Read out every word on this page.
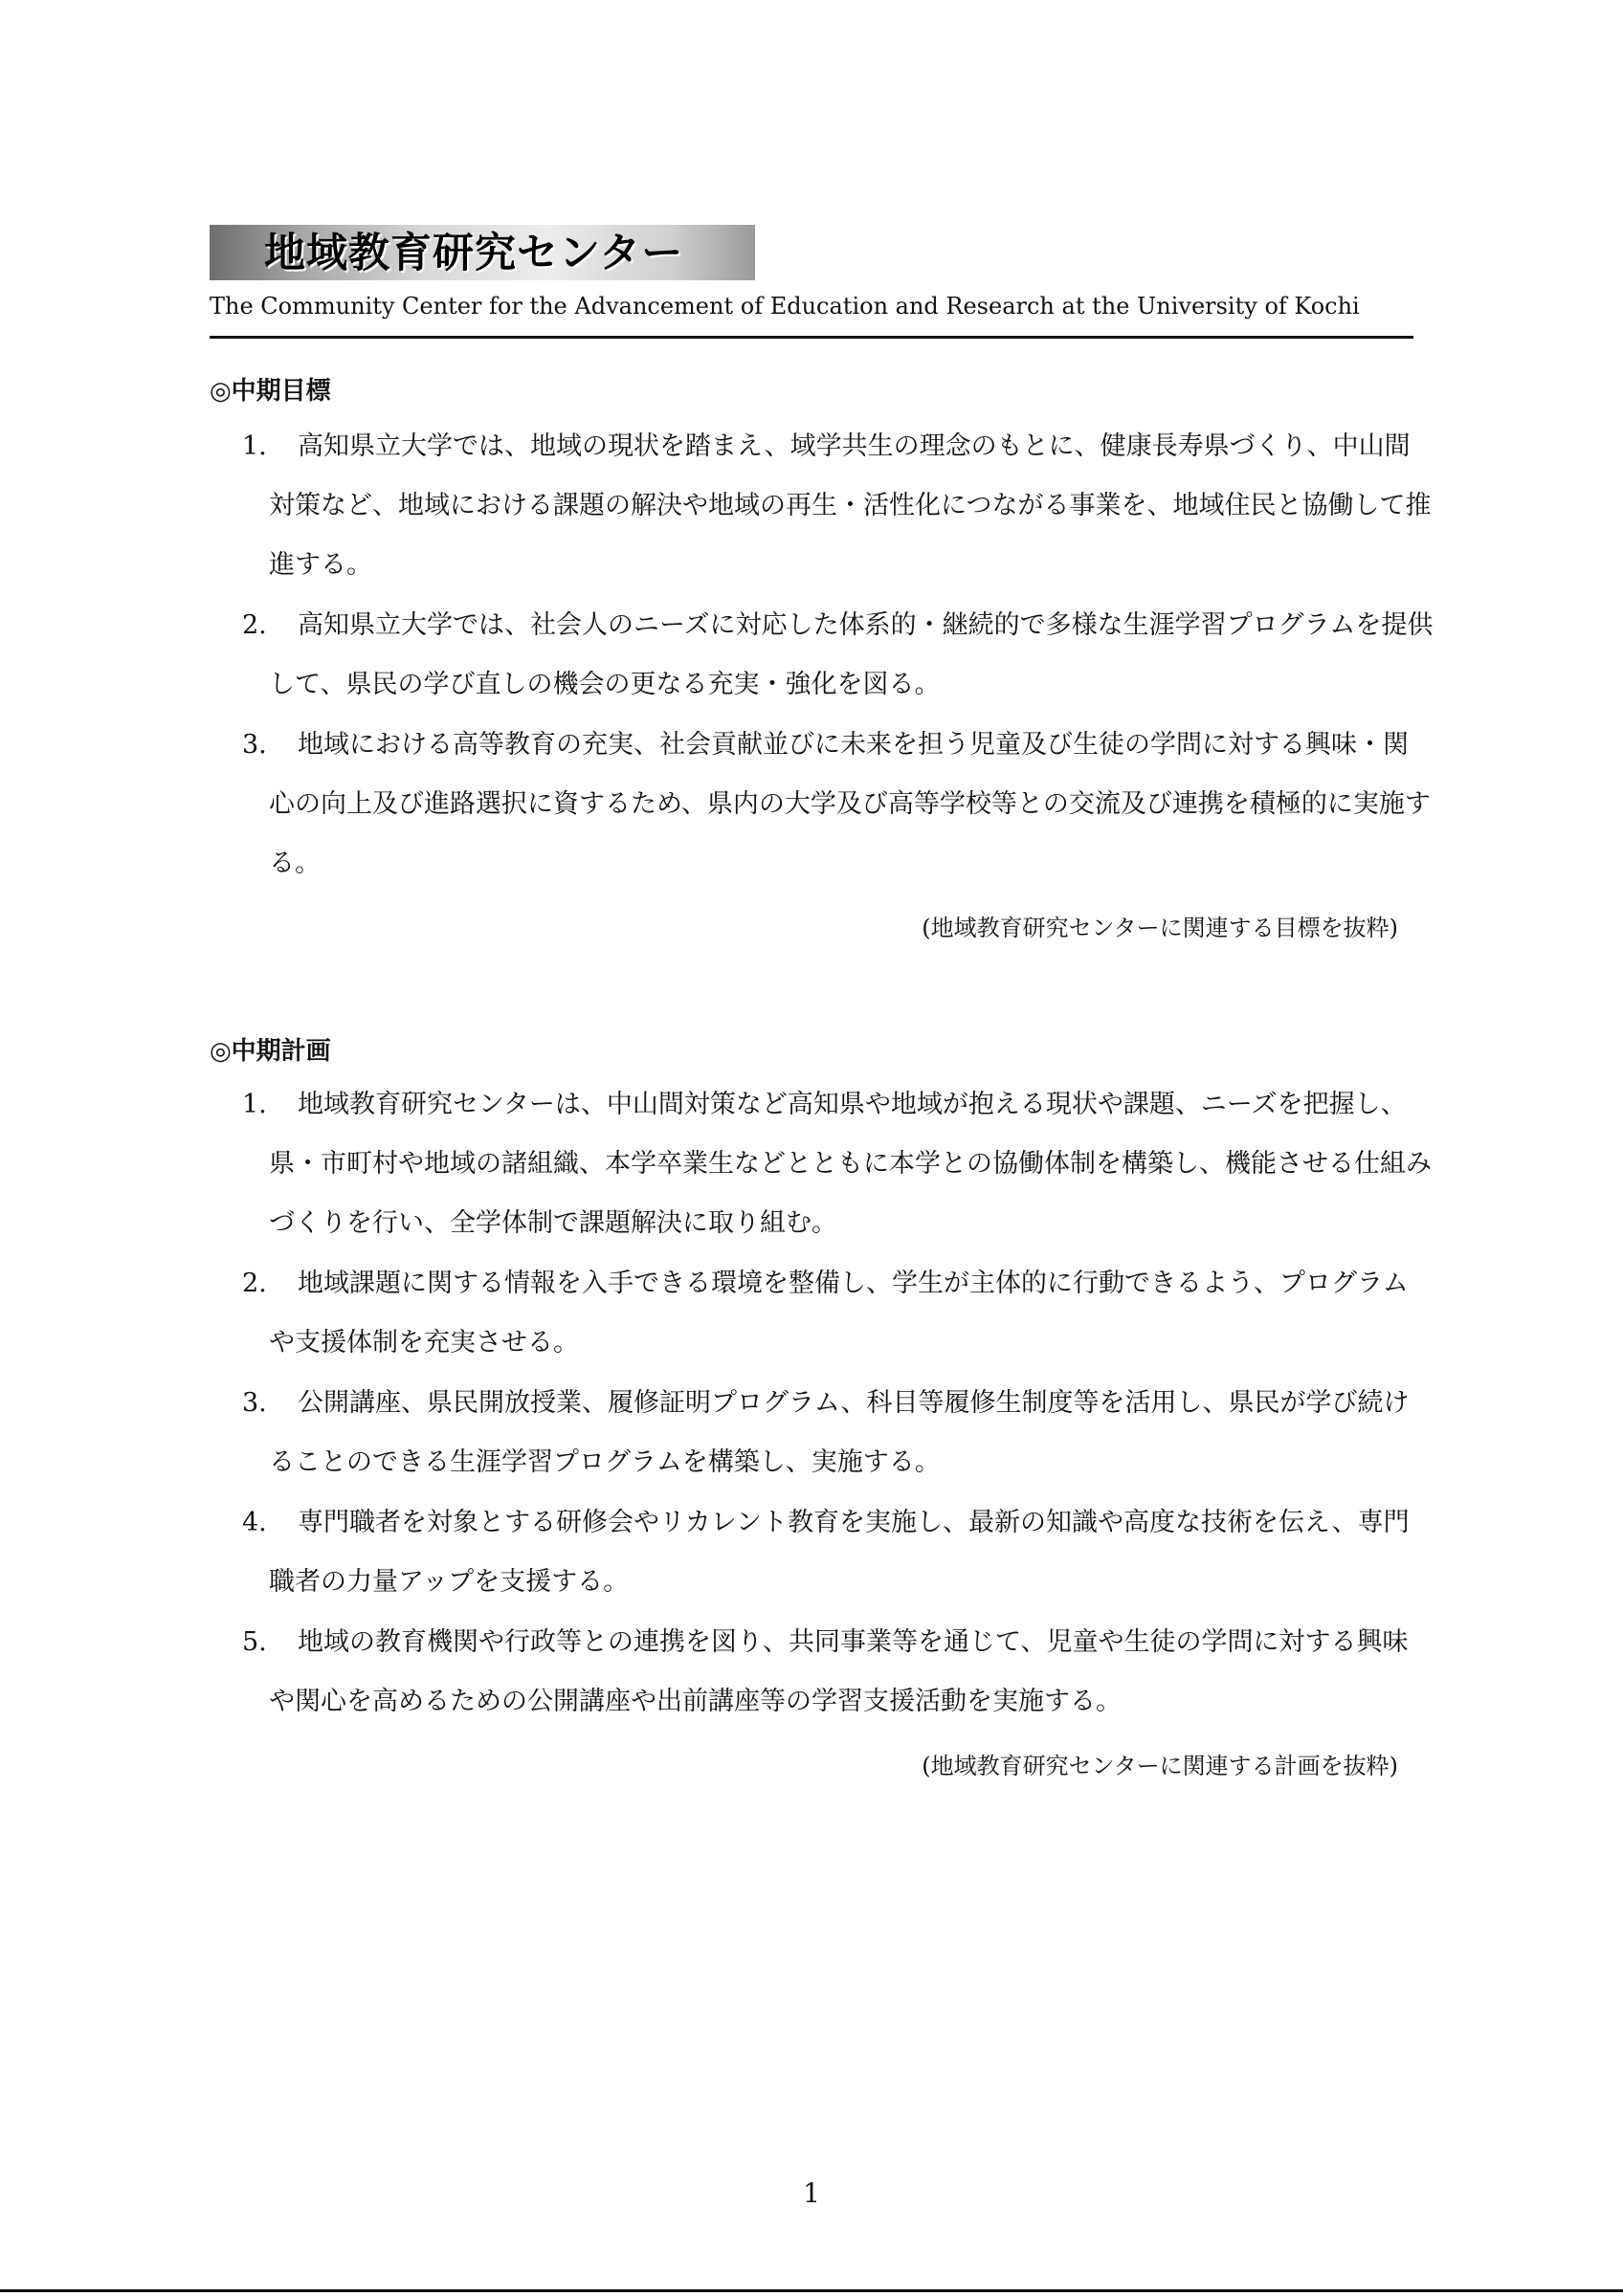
地域教育研究センター
The Community Center for the Advancement of Education and Research at the University of Kochi
◎中期目標
1.	高知県立大学では、地域の現状を踏まえ、域学共生の理念のもとに、健康長寿県づくり、中山間対策など、地域における課題の解決や地域の再生・活性化につながる事業を、地域住民と協働して推進する。
2.	高知県立大学では、社会人のニーズに対応した体系的・継続的で多様な生涯学習プログラムを提供して、県民の学び直しの機会の更なる充実・強化を図る。
3.	地域における高等教育の充実、社会貢献並びに未来を担う児童及び生徒の学問に対する興味・関心の向上及び進路選択に資するため、県内の大学及び高等学校等との交流及び連携を積極的に実施する。
(地域教育研究センターに関連する目標を抜粋)
◎中期計画
1.	地域教育研究センターは、中山間対策など高知県や地域が抱える現状や課題、ニーズを把握し、県・市町村や地域の諸組織、本学卒業生などとともに本学との協働体制を構築し、機能させる仕組みづくりを行い、全学体制で課題解決に取り組む。
2.	地域課題に関する情報を入手できる環境を整備し、学生が主体的に行動できるよう、プログラムや支援体制を充実させる。
3.	公開講座、県民開放授業、履修証明プログラム、科目等履修生制度等を活用し、県民が学び続けることのできる生涯学習プログラムを構築し、実施する。
4.	専門職者を対象とする研修会やリカレント教育を実施し、最新の知識や高度な技術を伝え、専門職者の力量アップを支援する。
5.	地域の教育機関や行政等との連携を図り、共同事業等を通じて、児童や生徒の学問に対する興味や関心を高めるための公開講座や出前講座等の学習支援活動を実施する。
(地域教育研究センターに関連する計画を抜粋)
1
